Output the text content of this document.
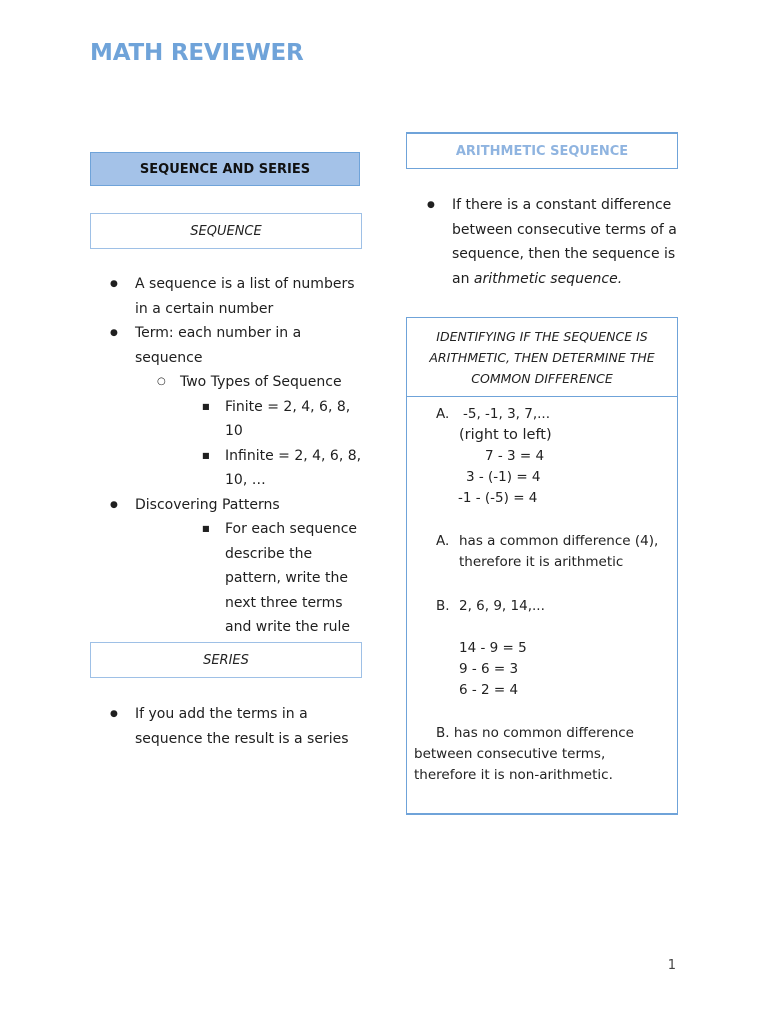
MATH REVIEWER
SEQUENCE AND SERIES
SEQUENCE
● A sequence is a list of numbers in a certain number
● Term: each number in a sequence
○ Two Types of Sequence
■ Finite = 2, 4, 6, 8, 10
■ Infinite = 2, 4, 6, 8, 10, …
● Discovering Patterns
■ For each sequence describe the pattern, write the next three terms and write the rule
SERIES
● If you add the terms in a sequence the result is a series
ARITHMETIC SEQUENCE
● If there is a constant difference between consecutive terms of a sequence, then the sequence is an arithmetic sequence.
IDENTIFYING IF THE SEQUENCE IS ARITHMETIC, THEN DETERMINE THE COMMON DIFFERENCE
A. -5, -1, 3, 7,...
(right to left)
7 - 3 = 4
3 - (-1) = 4
-1 - (-5) = 4
A. has a common difference (4), therefore it is arithmetic
B. 2, 6, 9, 14,...
14 - 9 = 5
9 - 6 = 3
6 - 2 = 4
B. has no common difference between consecutive terms, therefore it is non-arithmetic.
1
